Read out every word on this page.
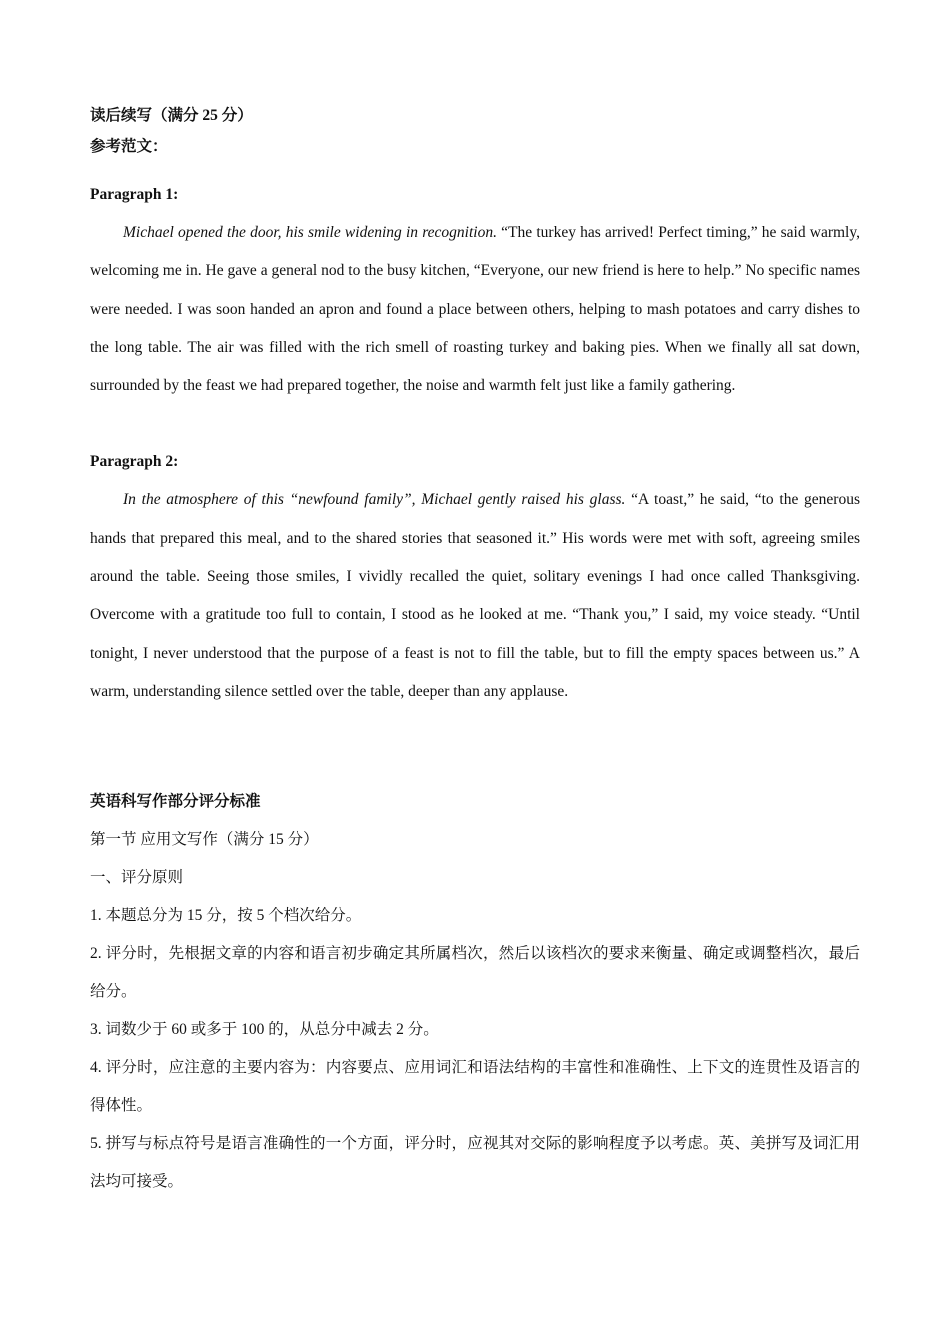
读后续写（满分 25 分）

参考范文：

Paragraph 1:

Michael opened the door, his smile widening in recognition. “The turkey has arrived! Perfect timing,” he said warmly, welcoming me in. He gave a general nod to the busy kitchen, “Everyone, our new friend is here to help.” No specific names were needed. I was soon handed an apron and found a place between others, helping to mash potatoes and carry dishes to the long table. The air was filled with the rich smell of roasting turkey and baking pies. When we finally all sat down, surrounded by the feast we had prepared together, the noise and warmth felt just like a family gathering.

Paragraph 2:

In the atmosphere of this “newfound family”, Michael gently raised his glass. “A toast,” he said, “to the generous hands that prepared this meal, and to the shared stories that seasoned it.” His words were met with soft, agreeing smiles around the table. Seeing those smiles, I vividly recalled the quiet, solitary evenings I had once called Thanksgiving. Overcome with a gratitude too full to contain, I stood as he looked at me. “Thank you,” I said, my voice steady. “Until tonight, I never understood that the purpose of a feast is not to fill the table, but to fill the empty spaces between us.” A warm, understanding silence settled over the table, deeper than any applause.

英语科写作部分评分标准

第一节 应用文写作（满分 15 分）

一、评分原则

1. 本题总分为 15 分，按 5 个档次给分。

2. 评分时，先根据文章的内容和语言初步确定其所属档次，然后以该档次的要求来衡量、确定或调整档次，最后给分。

3. 词数少于 60 或多于 100 的，从总分中减去 2 分。

4. 评分时，应注意的主要内容为：内容要点、应用词汇和语法结构的丰富性和准确性、上下文的连贯性及语言的得体性。

5. 拼写与标点符号是语言准确性的一个方面，评分时，应视其对交际的影响程度予以考虑。英、美拼写及词汇用法均可接受。
